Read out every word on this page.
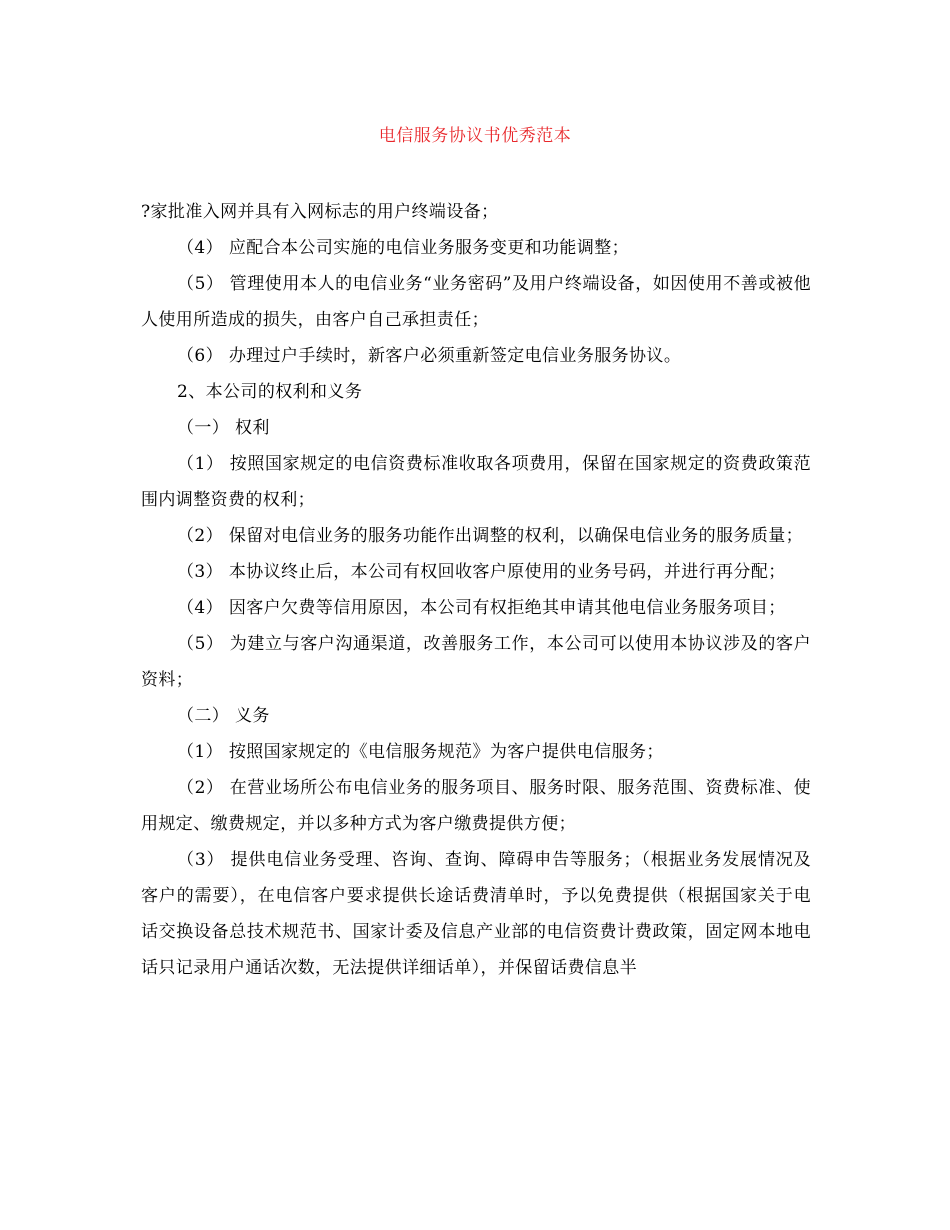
电信服务协议书优秀范本

?家批准入网并具有入网标志的用户终端设备；

（4） 应配合本公司实施的电信业务服务变更和功能调整；

（5） 管理使用本人的电信业务“业务密码”及用户终端设备，如因使用不善或被他人使用所造成的损失，由客户自己承担责任；

（6） 办理过户手续时，新客户必须重新签定电信业务服务协议。

2、本公司的权利和义务

（一） 权利

（1） 按照国家规定的电信资费标准收取各项费用，保留在国家规定的资费政策范围内调整资费的权利；

（2） 保留对电信业务的服务功能作出调整的权利，以确保电信业务的服务质量；

（3） 本协议终止后，本公司有权回收客户原使用的业务号码，并进行再分配；

（4） 因客户欠费等信用原因，本公司有权拒绝其申请其他电信业务服务项目；

（5） 为建立与客户沟通渠道，改善服务工作，本公司可以使用本协议涉及的客户资料；

（二） 义务

（1） 按照国家规定的《电信服务规范》为客户提供电信服务；

（2） 在营业场所公布电信业务的服务项目、服务时限、服务范围、资费标准、使用规定、缴费规定，并以多种方式为客户缴费提供方便；

（3） 提供电信业务受理、咨询、查询、障碍申告等服务；（根据业务发展情况及客户的需要），在电信客户要求提供长途话费清单时，予以免费提供（根据国家关于电话交换设备总技术规范书、国家计委及信息产业部的电信资费计费政策，固定网本地电话只记录用户通话次数，无法提供详细话单），并保留话费信息半
